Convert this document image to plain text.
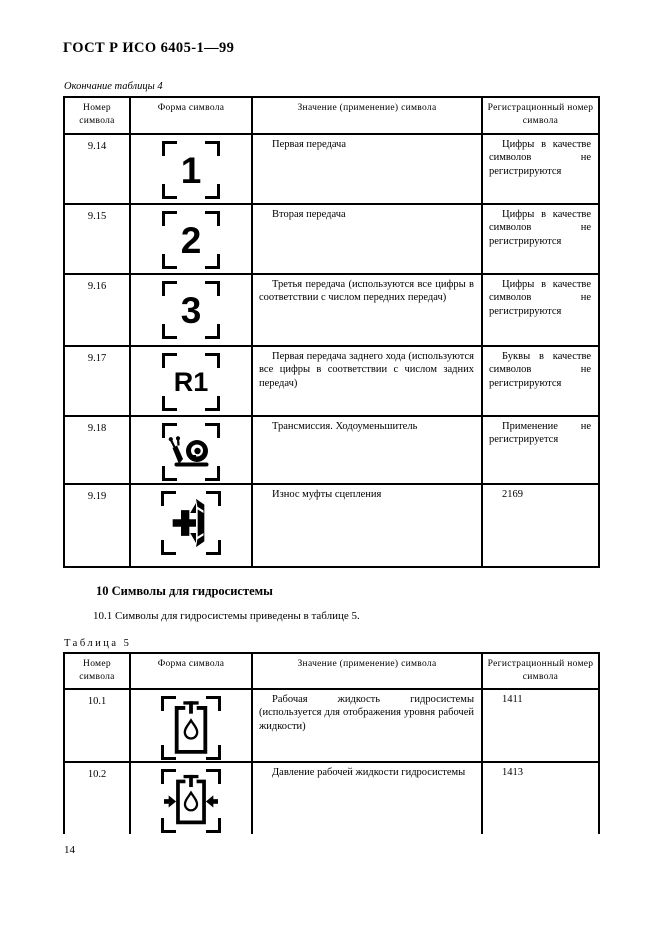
ГОСТ Р ИСО 6405-1—99

Окончание таблицы 4

Номер символа	Форма символа	Значение (применение) символа	Регистрационный номер символа
9.14	1	Первая передача	Цифры в качестве символов не регистрируются

9.15	2	Вторая передача	Цифры в качестве символов не регистрируются

9.16	3	Третья передача (используются все цифры в соответствии с числом передних передач)	Цифры в качестве символов не регистрируются

9.17	R1	Первая передача заднего хода (используются все цифры в соответствии с числом задних передач)	Буквы в качестве символов не регистрируются

9.18		Трансмиссия. Ходоуменьшитель	Применение не регистрируется

9.19		Износ муфты сцепления	2169

10 Символы для гидросистемы

10.1 Символы для гидросистемы приведены в таблице 5.

Таблица 5

Номер символа	Форма символа	Значение (применение) символа	Регистрационный номер символа
10.1		Рабочая жидкость гидросистемы (используется для отображения уровня рабочей жидкости)	1411

10.2		Давление рабочей жидкости гидросистемы	1413

14
